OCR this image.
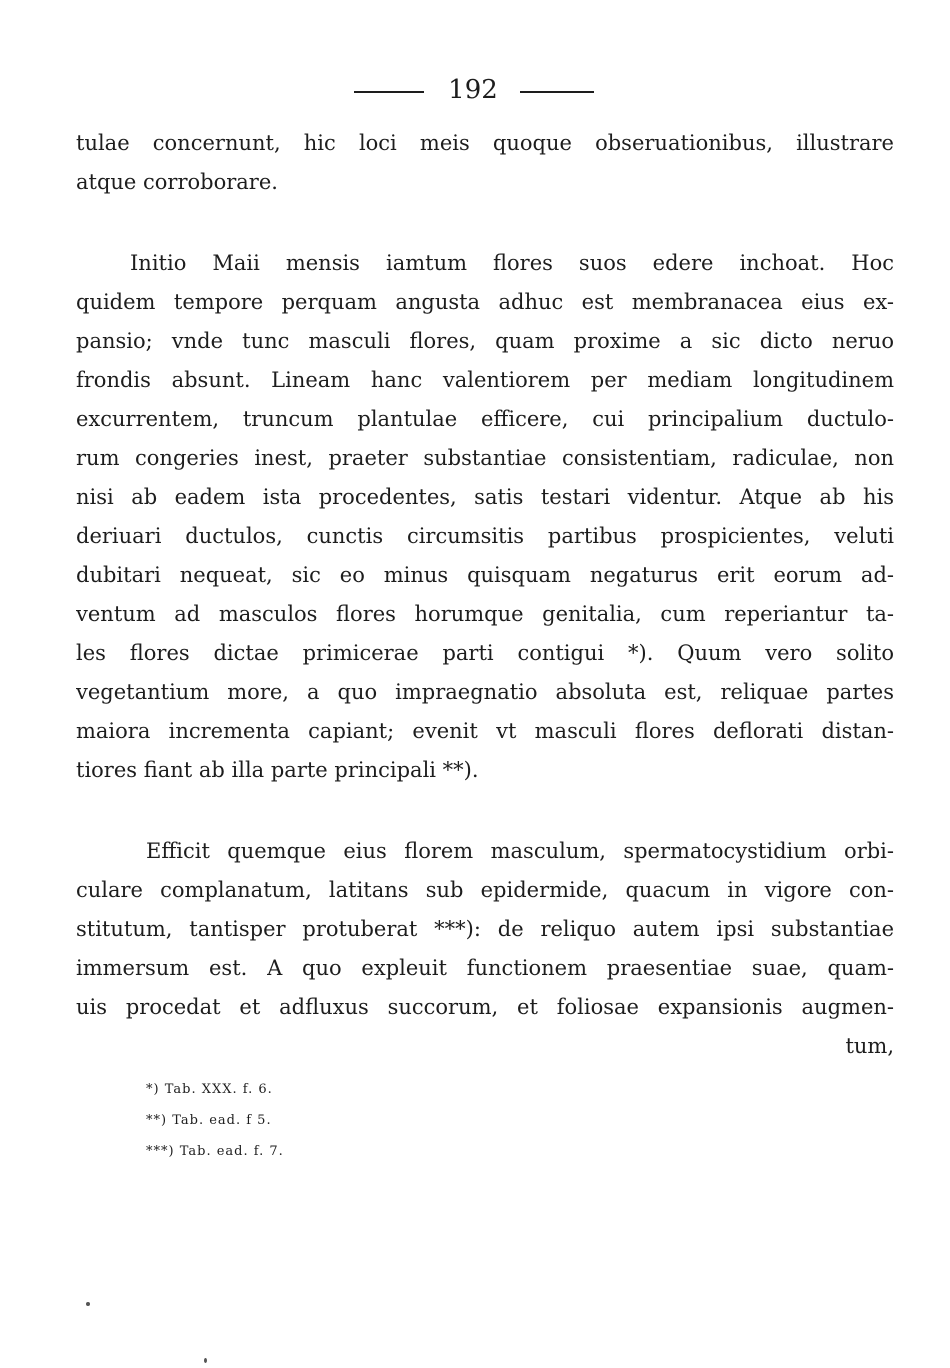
192
tulae concernunt, hic loci meis quoque obseruationibus, illustrare
atque corroborare.
Initio Maii mensis iamtum flores suos edere inchoat. Hoc
quidem tempore perquam angusta adhuc est membranacea eius ex-
pansio; vnde tunc masculi flores, quam proxime a sic dicto neruo
frondis absunt. Lineam hanc valentiorem per mediam longitudinem
excurrentem, truncum plantulae efficere, cui principalium ductulo-
rum congeries inest, praeter substantiae consistentiam, radiculae, non
nisi ab eadem ista procedentes, satis testari videntur. Atque ab his
deriuari ductulos, cunctis circumsitis partibus prospicientes, veluti
dubitari nequeat, sic eo minus quisquam negaturus erit eorum ad-
ventum ad masculos flores horumque genitalia, cum reperiantur ta-
les flores dictae primicerae parti contigui *). Quum vero solito
vegetantium more, a quo impraegnatio absoluta est, reliquae partes
maiora incrementa capiant; evenit vt masculi flores deflorati distan-
tiores fiant ab illa parte principali **).
Efficit quemque eius florem masculum, spermatocystidium orbi-
culare complanatum, latitans sub epidermide, quacum in vigore con-
stitutum, tantisper protuberat ***): de reliquo autem ipsi substantiae
immersum est. A quo expleuit functionem praesentiae suae, quam-
uis procedat et adfluxus succorum, et foliosae expansionis augmen-
tum,
*) Tab. XXX. f. 6.
**) Tab. ead. f 5.
***) Tab. ead. f. 7.
